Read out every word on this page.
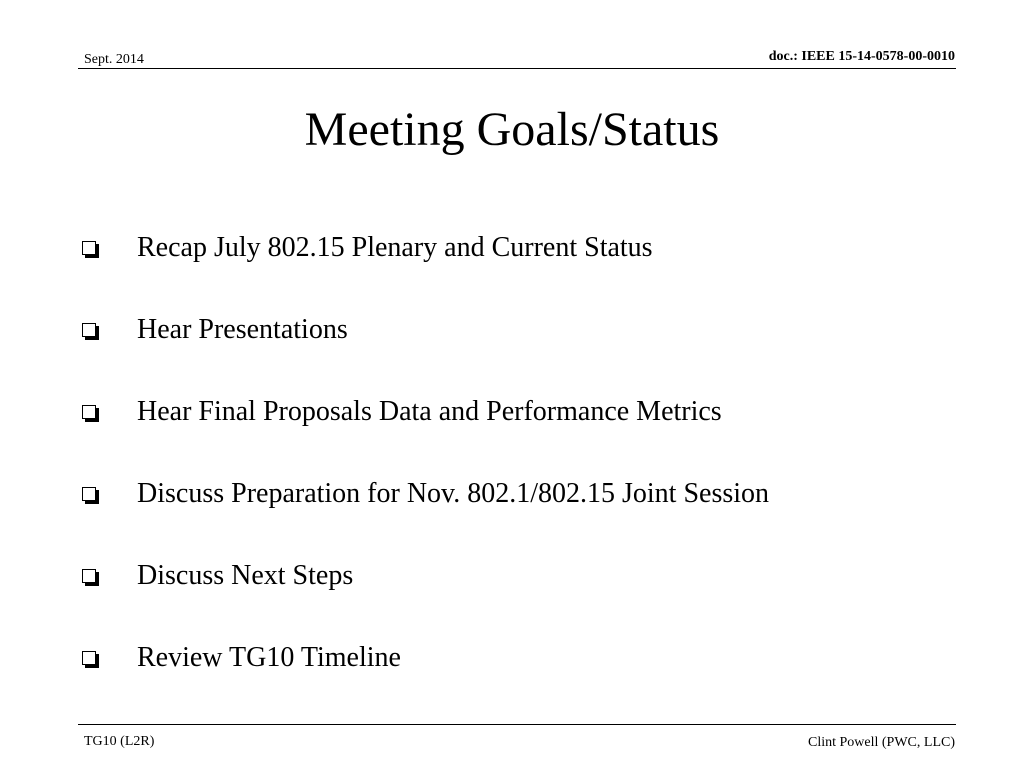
Sept. 2014	doc.: IEEE 15-14-0578-00-0010
Meeting Goals/Status
Recap July 802.15 Plenary and Current Status
Hear Presentations
Hear Final Proposals Data and Performance Metrics
Discuss Preparation for Nov. 802.1/802.15 Joint Session
Discuss Next Steps
Review TG10 Timeline
TG10 (L2R)	Clint Powell (PWC, LLC)
